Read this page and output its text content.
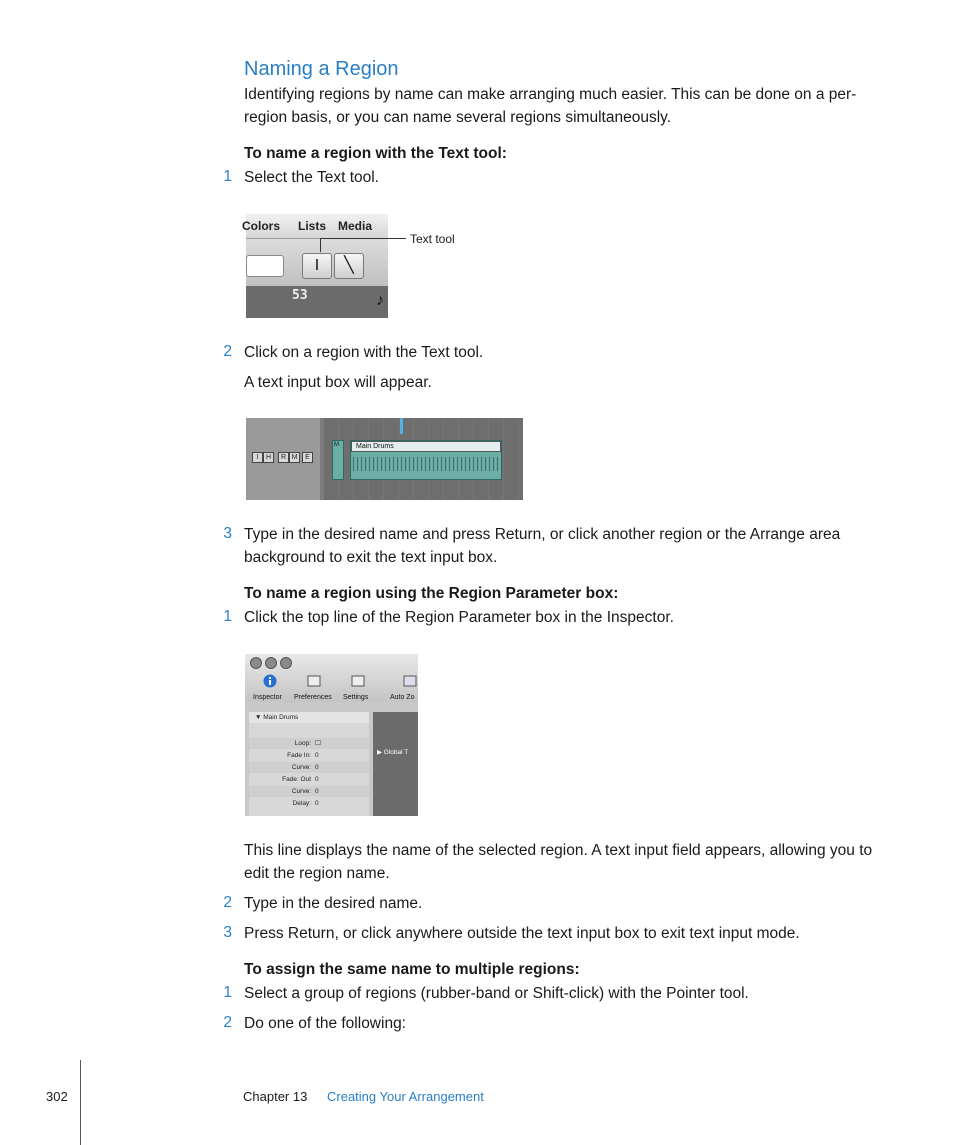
Naming a Region
Identifying regions by name can make arranging much easier. This can be done on a per-region basis, or you can name several regions simultaneously.
To name a region with the Text tool:
1 Select the Text tool.
Colors Lists Media
I	╲
53	♪
Text tool
2 Click on a region with the Text tool.
A text input box will appear.
I	H	R M	E
M	Main Drums
3 Type in the desired name and press Return, or click another region or the Arrange area background to exit the text input box.
To name a region using the Region Parameter box:
1 Click the top line of the Region Parameter box in the Inspector.
Inspector Preferences Settings	Auto Zo
▼ Main Drums
Loop: ☐
Fade In: 0
Curve: 0
Fade: Out 0
Curve: 0
Delay: 0
▶ Global T
This line displays the name of the selected region. A text input field appears, allowing you to edit the region name.
2 Type in the desired name.
3 Press Return, or click anywhere outside the text input box to exit text input mode.
To assign the same name to multiple regions:
1 Select a group of regions (rubber-band or Shift-click) with the Pointer tool.
2 Do one of the following:
302	Chapter 13 Creating Your Arrangement
